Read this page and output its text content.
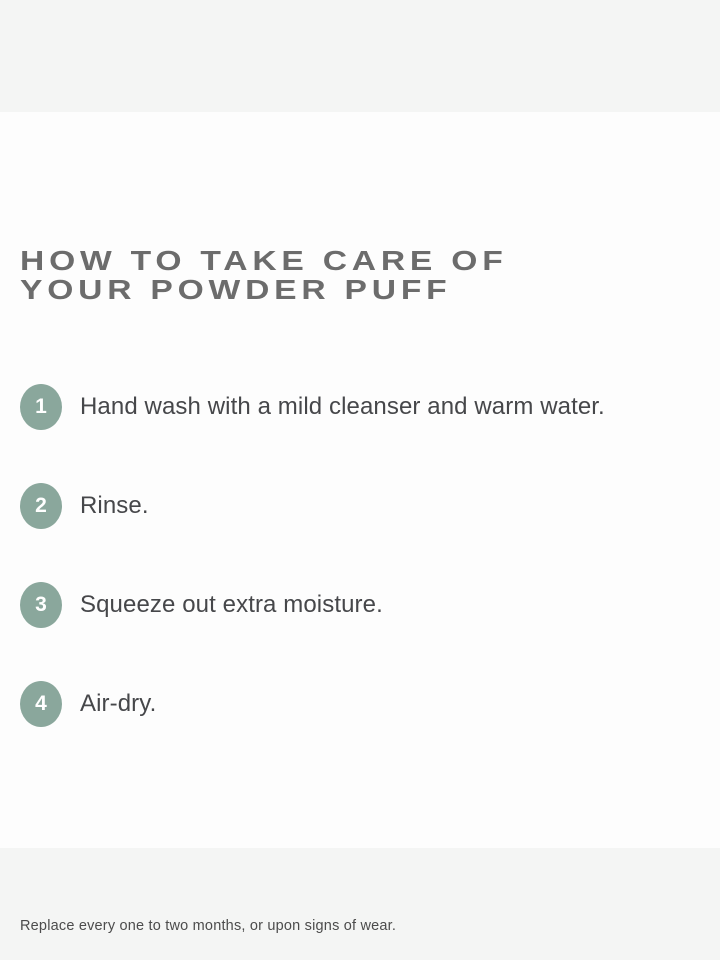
HOW TO TAKE CARE OF
YOUR POWDER PUFF
1	Hand wash with a mild cleanser and warm water.
2	Rinse.
3	Squeeze out extra moisture.
4	Air-dry.
Replace every one to two months, or upon signs of wear.
